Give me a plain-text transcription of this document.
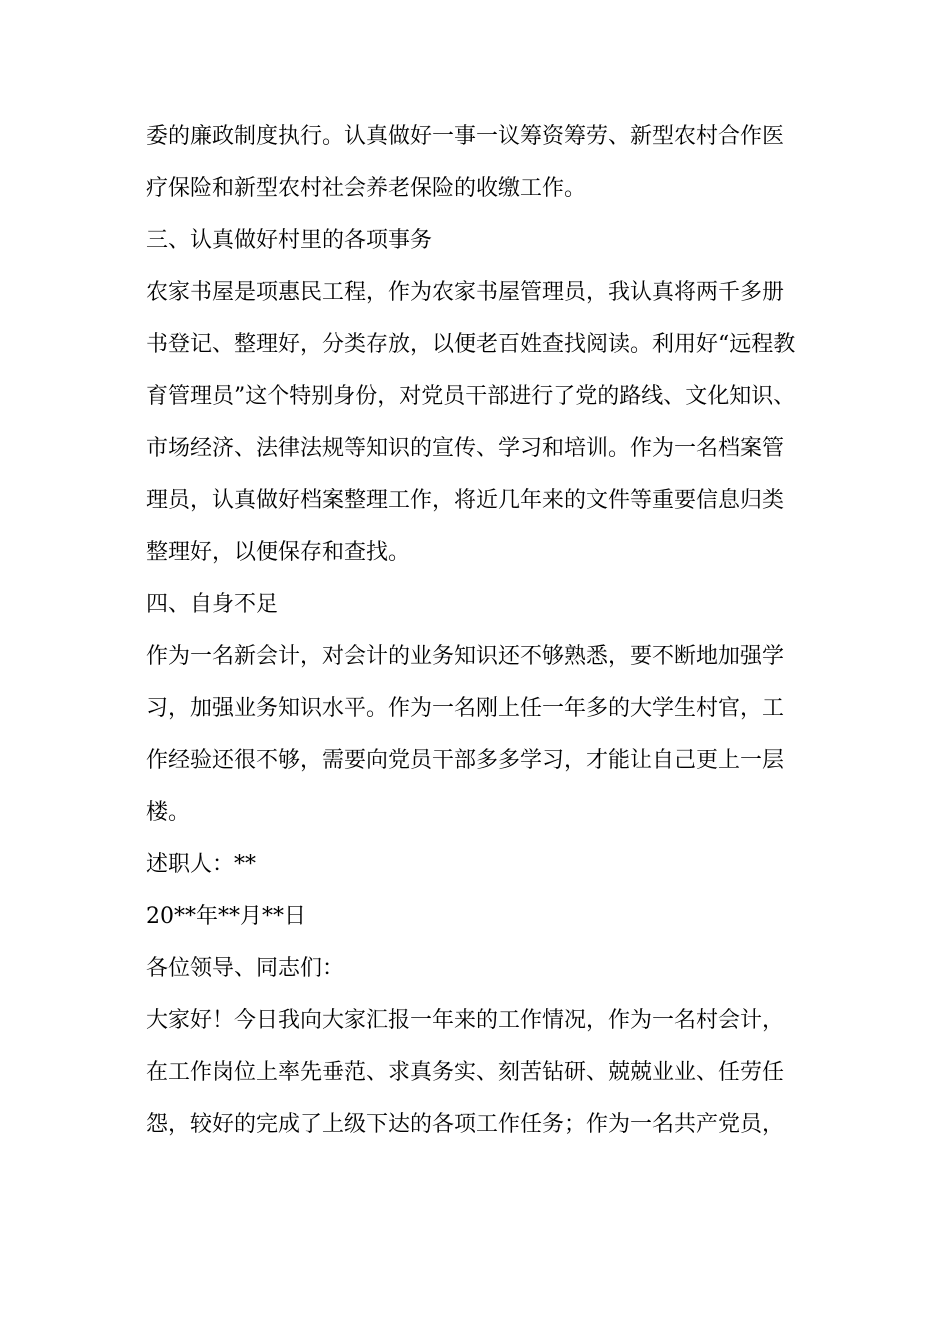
委的廉政制度执行。认真做好一事一议筹资筹劳、新型农村合作医
疗保险和新型农村社会养老保险的收缴工作。
三、认真做好村里的各项事务
农家书屋是项惠民工程，作为农家书屋管理员，我认真将两千多册
书登记、整理好，分类存放，以便老百姓查找阅读。利用好“远程教
育管理员”这个特别身份，对党员干部进行了党的路线、文化知识、
市场经济、法律法规等知识的宣传、学习和培训。作为一名档案管
理员，认真做好档案整理工作，将近几年来的文件等重要信息归类
整理好，以便保存和查找。
四、自身不足
作为一名新会计，对会计的业务知识还不够熟悉，要不断地加强学
习，加强业务知识水平。作为一名刚上任一年多的大学生村官，工
作经验还很不够，需要向党员干部多多学习，才能让自己更上一层
楼。
述职人：**
20**年**月**日
各位领导、同志们：
大家好！今日我向大家汇报一年来的工作情况，作为一名村会计，
在工作岗位上率先垂范、求真务实、刻苦钻研、兢兢业业、任劳任
怨，较好的完成了上级下达的各项工作任务；作为一名共产党员，
